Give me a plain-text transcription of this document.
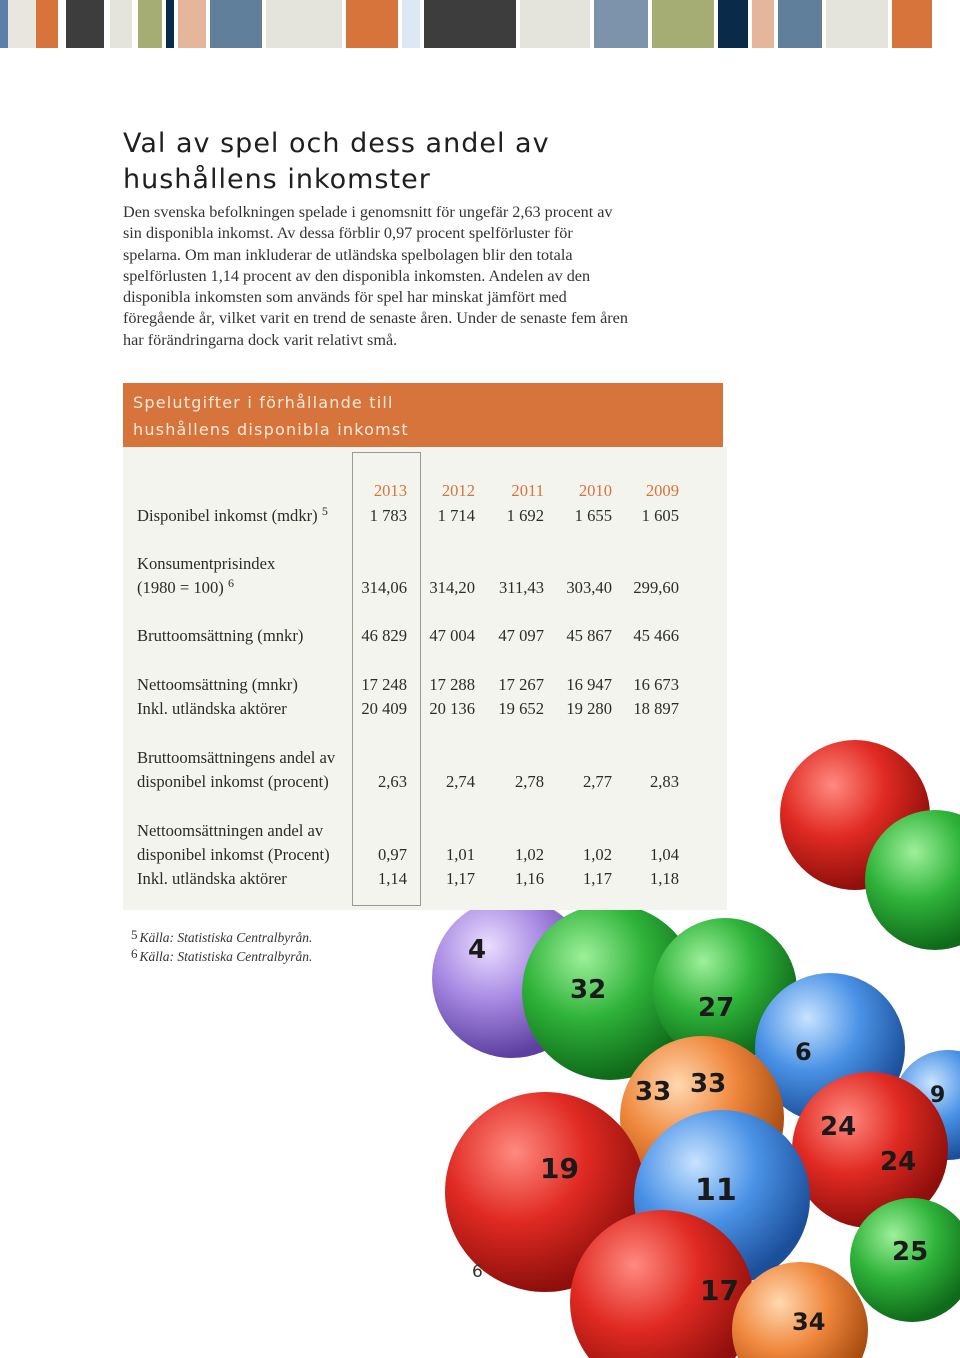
Val av spel och dess andel av hushållens inkomster
Den svenska befolkningen spelade i genomsnitt för ungefär 2,63 procent av sin disponibla inkomst. Av dessa förblir 0,97 procent spelförluster för spelarna. Om man inkluderar de utländska spelbolagen blir den totala spelförlusten 1,14 procent av den disponibla inkomsten. Andelen av den disponibla inkomsten som används för spel har minskat jämfört med föregående år, vilket varit en trend de senaste åren. Under de senaste fem åren har förändringarna dock varit relativt små.
4
32
27
6
33 33
24
19
11
24
17
25
9
34
Spelutgifter i förhållande till
hushållens disponibla inkomst
2013	2012	2011	2010	2009
Disponibel inkomst (mdkr) $^5$	1 783	1 714	1 692	1 655	1 605
Konsumentprisindex
(1980 = 100) $^6$	314,06	314,20	311,43	303,40	299,60
Bruttoomsättning (mnkr)	46 829	47 004	47 097	45 867	45 466
Nettoomsättning (mnkr)	17 248	17 288	17 267	16 947	16 673
Inkl. utländska aktörer	20 409	20 136	19 652	19 280	18 897
Bruttoomsättningens andel av
disponibel inkomst (procent)	2,63	2,74	2,78	2,77	2,83
Nettoomsättningen andel av
disponibel inkomst (Procent)	0,97	1,01	1,02	1,02	1,04
Inkl. utländska aktörer	1,14	1,17	1,16	1,17	1,18
$^5$ Källa: Statistiska Centralbyrån.
$^6$ Källa: Statistiska Centralbyrån.
6
